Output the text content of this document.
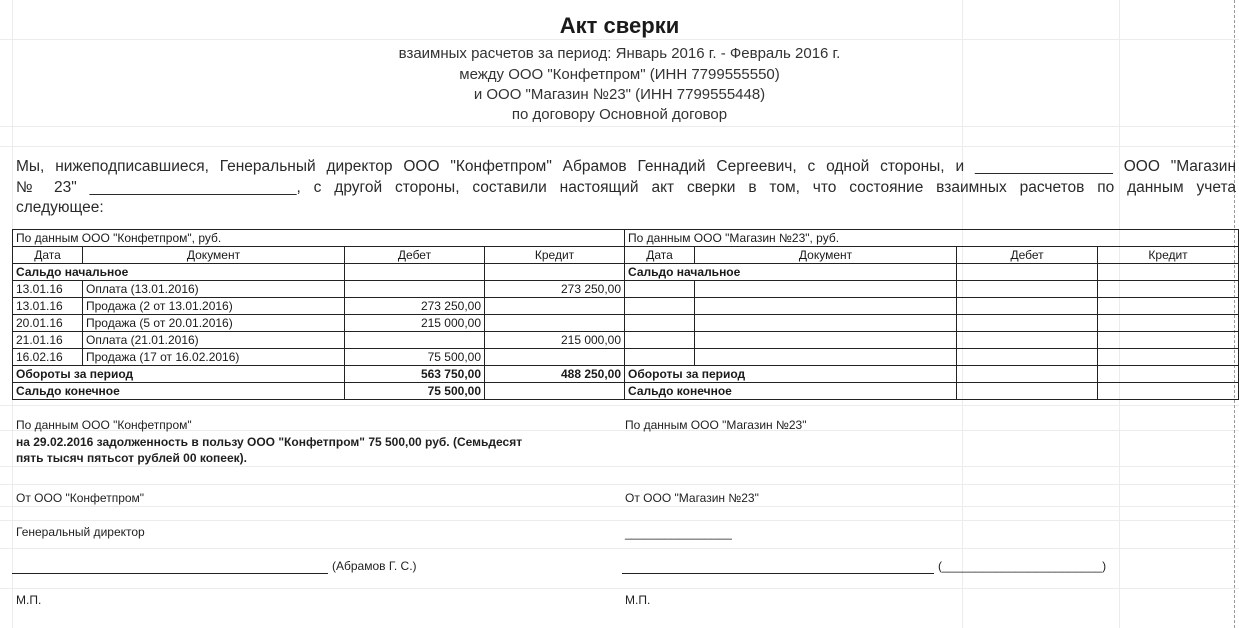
Акт сверки
взаимных расчетов за период: Январь 2016 г. - Февраль 2016 г.
между ООО "Конфетпром" (ИНН 7799555550)
и ООО "Магазин №23" (ИНН 7799555448)
по договору Основной договор
Мы, нижеподписавшиеся, Генеральный директор ООО "Конфетпром" Абрамов Геннадий Сергеевич, с одной стороны, и ________________ ООО "Магазин
№ 23" ________________________, с другой стороны, составили настоящий акт сверки в том, что состояние взаимных расчетов по данным учета
следующее:
По данным ООО "Конфетпром", руб.				По данным ООО "Магазин №23", руб.			
Дата	Документ	Дебет	Кредит	Дата	Документ	Дебет	Кредит
Сальдо начальное				Сальдо начальное			
13.01.16	Оплата (13.01.2016)		273 250,00				
13.01.16	Продажа (2 от 13.01.2016)	273 250,00					
20.01.16	Продажа (5 от 20.01.2016)	215 000,00					
21.01.16	Оплата (21.01.2016)		215 000,00				
16.02.16	Продажа (17 от 16.02.2016)	75 500,00					
Обороты за период		563 750,00	488 250,00	Обороты за период			
Сальдо конечное		75 500,00		Сальдо конечное			
По данным ООО "Конфетпром"	По данным ООО "Магазин №23"
на 29.02.2016 задолженность в пользу ООО "Конфетпром" 75 500,00 руб. (Семьдесят
пять тысяч пятьсот рублей 00 копеек).
От ООО "Конфетпром"	От ООО "Магазин №23"
Генеральный директор	________________
(Абрамов Г. С.)	(________________________)
М.П.	М.П.
